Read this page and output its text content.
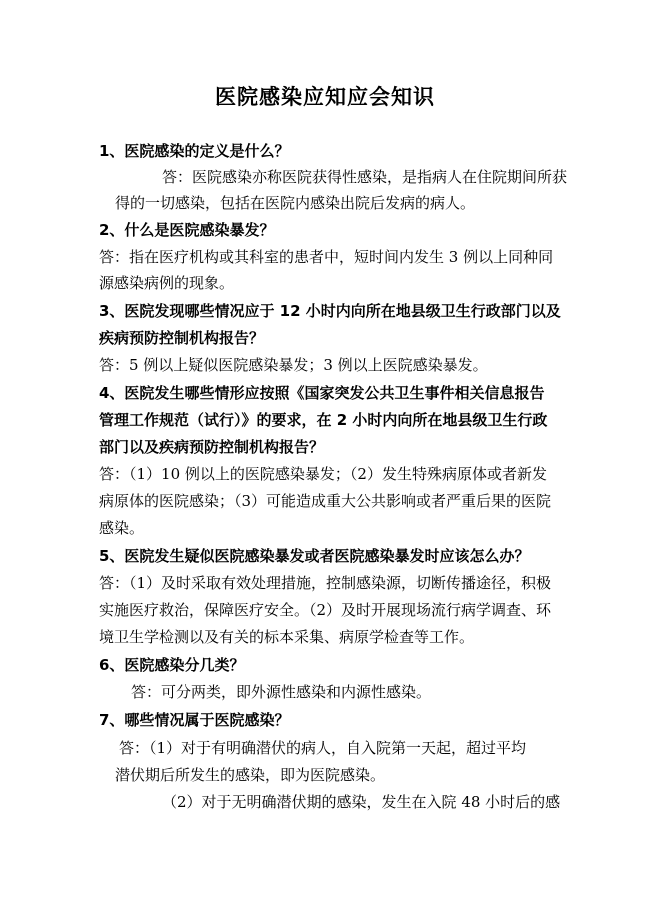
医院感染应知应会知识
1、医院感染的定义是什么？
答：医院感染亦称医院获得性感染，是指病人在住院期间所获
得的一切感染，包括在医院内感染出院后发病的病人。
2、什么是医院感染暴发？
答：指在医疗机构或其科室的患者中，短时间内发生 3 例以上同种同
源感染病例的现象。
3、医院发现哪些情况应于 12 小时内向所在地县级卫生行政部门以及
疾病预防控制机构报告？
答：5 例以上疑似医院感染暴发；3 例以上医院感染暴发。
4、医院发生哪些情形应按照《国家突发公共卫生事件相关信息报告
管理工作规范（试行）》的要求，在 2 小时内向所在地县级卫生行政
部门以及疾病预防控制机构报告？
答：（1）10 例以上的医院感染暴发；（2）发生特殊病原体或者新发
病原体的医院感染；（3）可能造成重大公共影响或者严重后果的医院
感染。
5、医院发生疑似医院感染暴发或者医院感染暴发时应该怎么办？
答：（1）及时采取有效处理措施，控制感染源，切断传播途径，积极
实施医疗救治，保障医疗安全。（2）及时开展现场流行病学调查、环
境卫生学检测以及有关的标本采集、病原学检查等工作。
6、医院感染分几类？
答：可分两类，即外源性感染和内源性感染。
7、哪些情况属于医院感染？
答：（1）对于有明确潜伏的病人，自入院第一天起，超过平均
潜伏期后所发生的感染，即为医院感染。
（2）对于无明确潜伏期的感染，发生在入院 48 小时后的感
